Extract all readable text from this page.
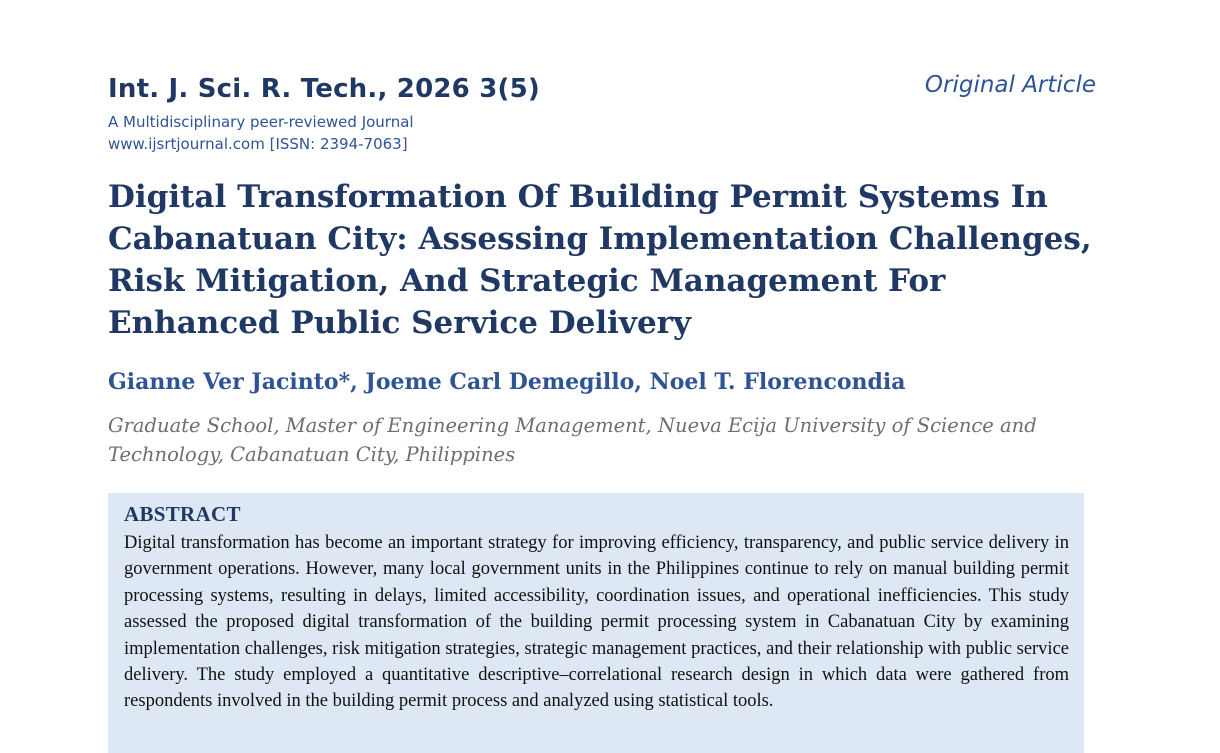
Int. J. Sci. R. Tech., 2026 3(5)	Original Article
A Multidisciplinary peer-reviewed Journal
www.ijsrtjournal.com [ISSN: 2394-7063]
Digital Transformation Of Building Permit Systems In Cabanatuan City: Assessing Implementation Challenges, Risk Mitigation, And Strategic Management For Enhanced Public Service Delivery
Gianne Ver Jacinto*, Joeme Carl Demegillo, Noel T. Florencondia
Graduate School, Master of Engineering Management, Nueva Ecija University of Science and Technology, Cabanatuan City, Philippines
ABSTRACT
Digital transformation has become an important strategy for improving efficiency, transparency, and public service delivery in government operations. However, many local government units in the Philippines continue to rely on manual building permit processing systems, resulting in delays, limited accessibility, coordination issues, and operational inefficiencies. This study assessed the proposed digital transformation of the building permit processing system in Cabanatuan City by examining implementation challenges, risk mitigation strategies, strategic management practices, and their relationship with public service delivery. The study employed a quantitative descriptive–correlational research design in which data were gathered from respondents involved in the building permit process and analyzed using statistical tools.
